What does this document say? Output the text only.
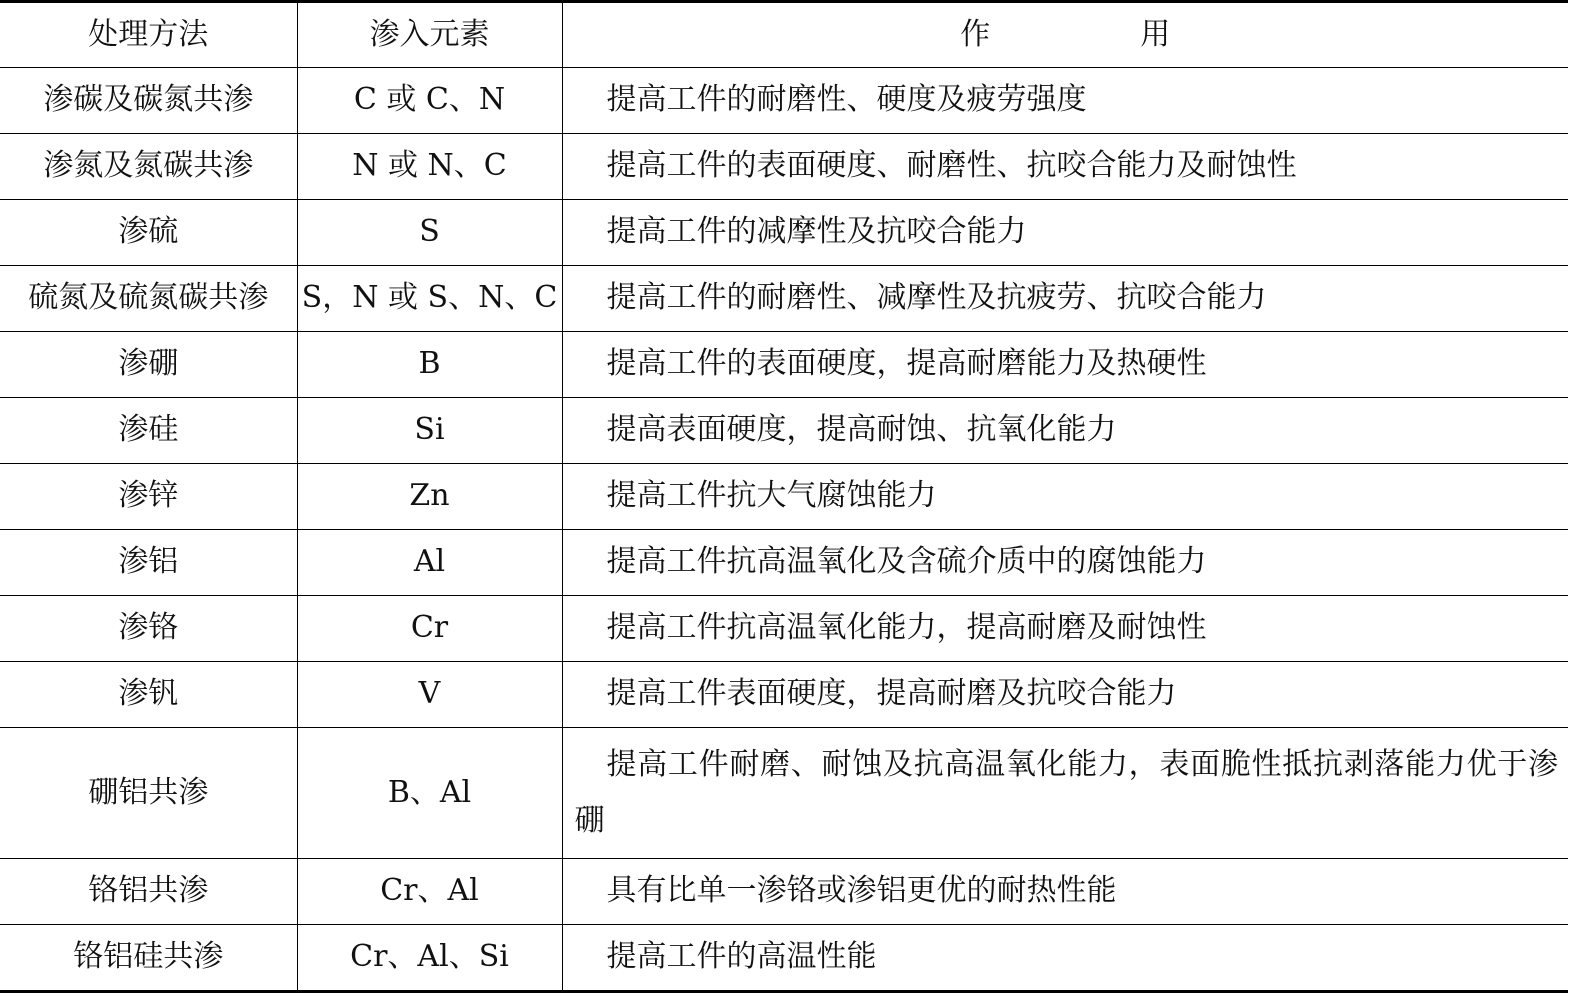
处理方法	渗入元素	作　用
渗碳及碳氮共渗	C 或 C、N	提高工件的耐磨性、硬度及疲劳强度
渗氮及氮碳共渗	N 或 N、C	提高工件的表面硬度、耐磨性、抗咬合能力及耐蚀性
渗硫	S	提高工件的减摩性及抗咬合能力
硫氮及硫氮碳共渗	S，N 或 S、N、C	提高工件的耐磨性、减摩性及抗疲劳、抗咬合能力
渗硼	B	提高工件的表面硬度，提高耐磨能力及热硬性
渗硅	Si	提高表面硬度，提高耐蚀、抗氧化能力
渗锌	Zn	提高工件抗大气腐蚀能力
渗铝	Al	提高工件抗高温氧化及含硫介质中的腐蚀能力
渗铬	Cr	提高工件抗高温氧化能力，提高耐磨及耐蚀性
渗钒	V	提高工件表面硬度，提高耐磨及抗咬合能力
硼铝共渗	B、Al	提高工件耐磨、耐蚀及抗高温氧化能力，表面脆性抵抗剥落能力优于渗硼
铬铝共渗	Cr、Al	具有比单一渗铬或渗铝更优的耐热性能
铬铝硅共渗	Cr、Al、Si	提高工件的高温性能
